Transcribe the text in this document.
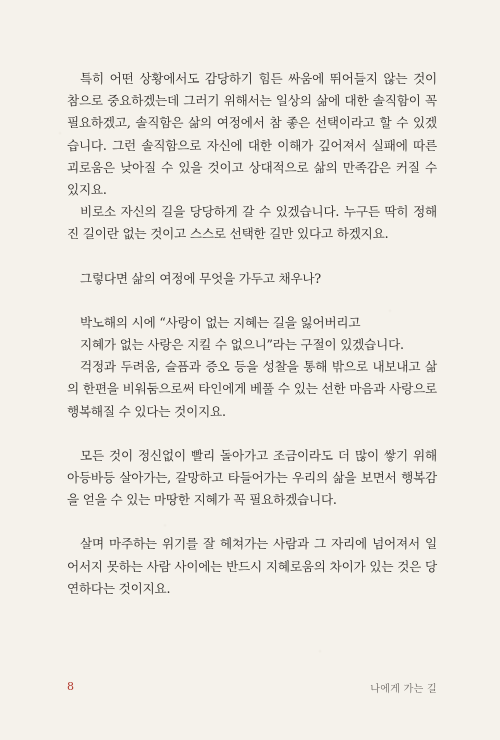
특히 어떤 상황에서도 감당하기 힘든 싸움에 뛰어들지 않는 것이 참으로 중요하겠는데 그러기 위해서는 일상의 삶에 대한 솔직함이 꼭 필요하겠고, 솔직함은 삶의 여정에서 참 좋은 선택이라고 할 수 있겠습니다. 그런 솔직함으로 자신에 대한 이해가 깊어져서 실패에 따른 괴로움은 낮아질 수 있을 것이고 상대적으로 삶의 만족감은 커질 수 있지요.

비로소 자신의 길을 당당하게 갈 수 있겠습니다. 누구든 딱히 정해진 길이란 없는 것이고 스스로 선택한 길만 있다고 하겠지요.

그렇다면 삶의 여정에 무엇을 가두고 채우나?

박노해의 시에 “사랑이 없는 지혜는 길을 잃어버리고

지혜가 없는 사랑은 지킬 수 없으니”라는 구절이 있겠습니다.

걱정과 두려움, 슬픔과 증오 등을 성찰을 통해 밖으로 내보내고 삶의 한편을 비워둠으로써 타인에게 베풀 수 있는 선한 마음과 사랑으로 행복해질 수 있다는 것이지요.

모든 것이 정신없이 빨리 돌아가고 조금이라도 더 많이 쌓기 위해 아등바등 살아가는, 갈망하고 타들어가는 우리의 삶을 보면서 행복감을 얻을 수 있는 마땅한 지혜가 꼭 필요하겠습니다.

살며 마주하는 위기를 잘 헤쳐가는 사람과 그 자리에 넘어져서 일어서지 못하는 사람 사이에는 반드시 지혜로움의 차이가 있는 것은 당연하다는 것이지요.

8	나에게 가는 길
